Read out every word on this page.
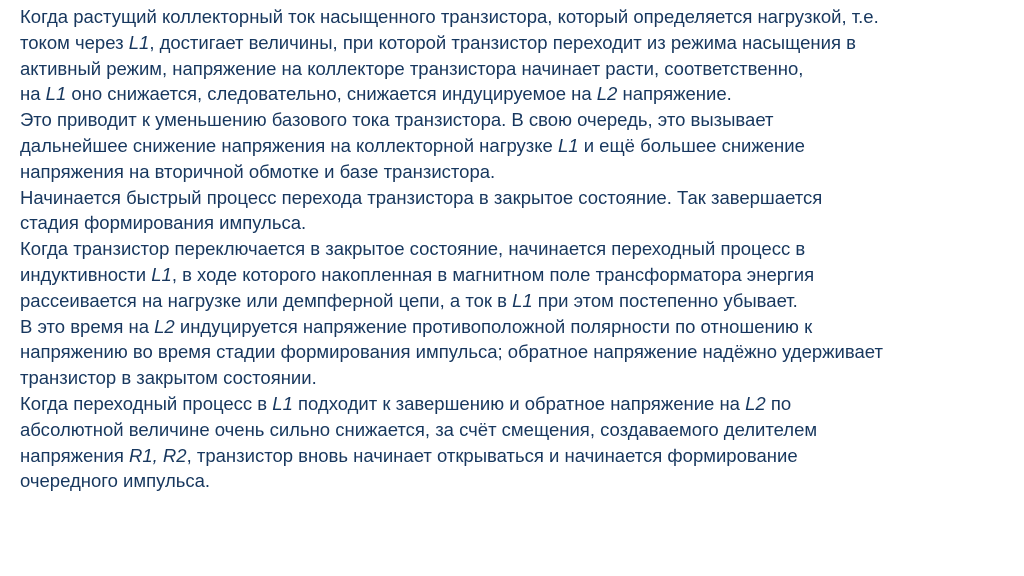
Когда растущий коллекторный ток насыщенного транзистора, который определяется нагрузкой, т.е.
током через L1, достигает величины, при которой транзистор переходит из режима насыщения в
активный режим, напряжение на коллекторе транзистора начинает расти, соответственно,
на L1 оно снижается, следовательно, снижается индуцируемое на L2 напряжение.
Это приводит к уменьшению базового тока транзистора. В свою очередь, это вызывает
дальнейшее снижение напряжения на коллекторной нагрузке L1 и ещё большее снижение
напряжения на вторичной обмотке и базе транзистора.
Начинается быстрый процесс перехода транзистора в закрытое состояние. Так завершается
стадия формирования импульса.
Когда транзистор переключается в закрытое состояние, начинается переходный процесс в
индуктивности L1, в ходе которого накопленная в магнитном поле трансформатора энергия
рассеивается на нагрузке или демпферной цепи, а ток в L1 при этом постепенно убывает.
В это время на L2 индуцируется напряжение противоположной полярности по отношению к
напряжению во время стадии формирования импульса; обратное напряжение надёжно удерживает
транзистор в закрытом состоянии.
Когда переходный процесс в L1 подходит к завершению и обратное напряжение на L2 по
абсолютной величине очень сильно снижается, за счёт смещения, создаваемого делителем
напряжения R1, R2, транзистор вновь начинает открываться и начинается формирование
очередного импульса.
